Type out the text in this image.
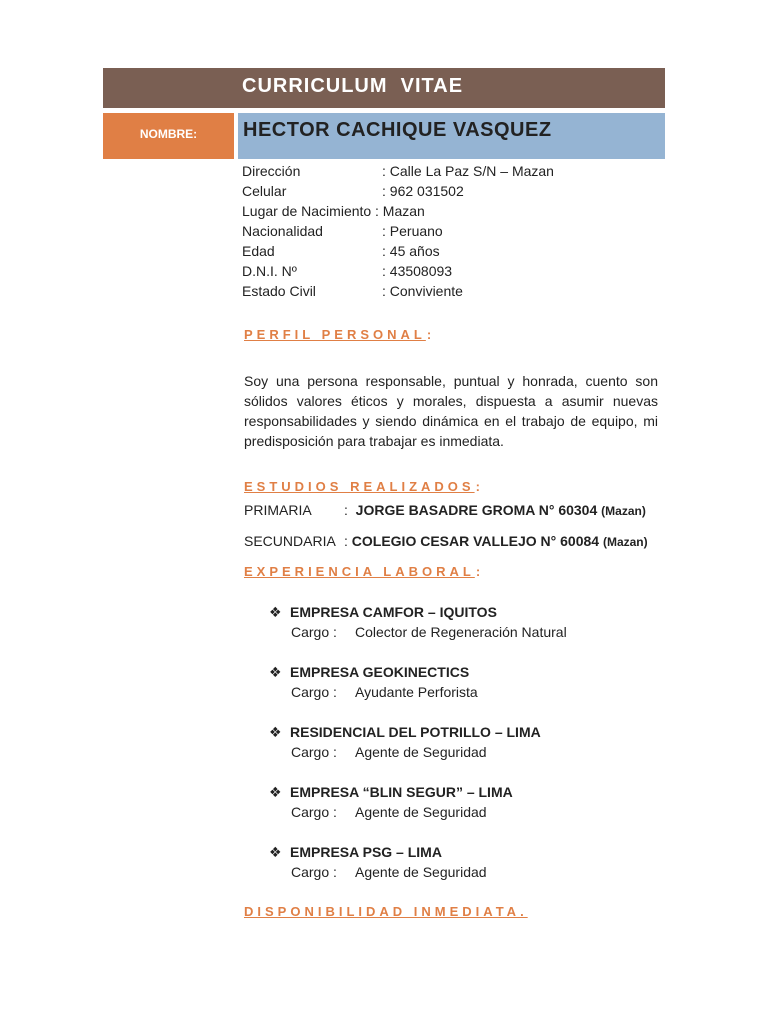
CURRICULUM  VITAE
NOMBRE:	HECTOR CACHIQUE VASQUEZ
Dirección	: Calle La Paz S/N – Mazan
Celular	: 962 031502
Lugar de Nacimiento : Mazan
Nacionalidad	: Peruano
Edad	: 45 años
D.N.I. Nº	: 43508093
Estado Civil	: Conviviente
PERFIL PERSONAL:
Soy una persona responsable, puntual y honrada, cuento son sólidos valores éticos y morales, dispuesta a asumir nuevas responsabilidades y siendo dinámica en el trabajo de equipo, mi predisposición para trabajar es inmediata.
ESTUDIOS REALIZADOS:
PRIMARIA : JORGE BASADRE GROMA N° 60304 (Mazan)
SECUNDARIA : COLEGIO CESAR VALLEJO N° 60084 (Mazan)
EXPERIENCIA LABORAL:
❖ EMPRESA CAMFOR – IQUITOS
Cargo : Colector de Regeneración Natural
❖ EMPRESA GEOKINECTICS
Cargo : Ayudante Perforista
❖ RESIDENCIAL DEL POTRILLO – LIMA
Cargo : Agente de Seguridad
❖ EMPRESA “BLIN SEGUR” – LIMA
Cargo : Agente de Seguridad
❖ EMPRESA PSG – LIMA
Cargo : Agente de Seguridad
DISPONIBILIDAD INMEDIATA.
